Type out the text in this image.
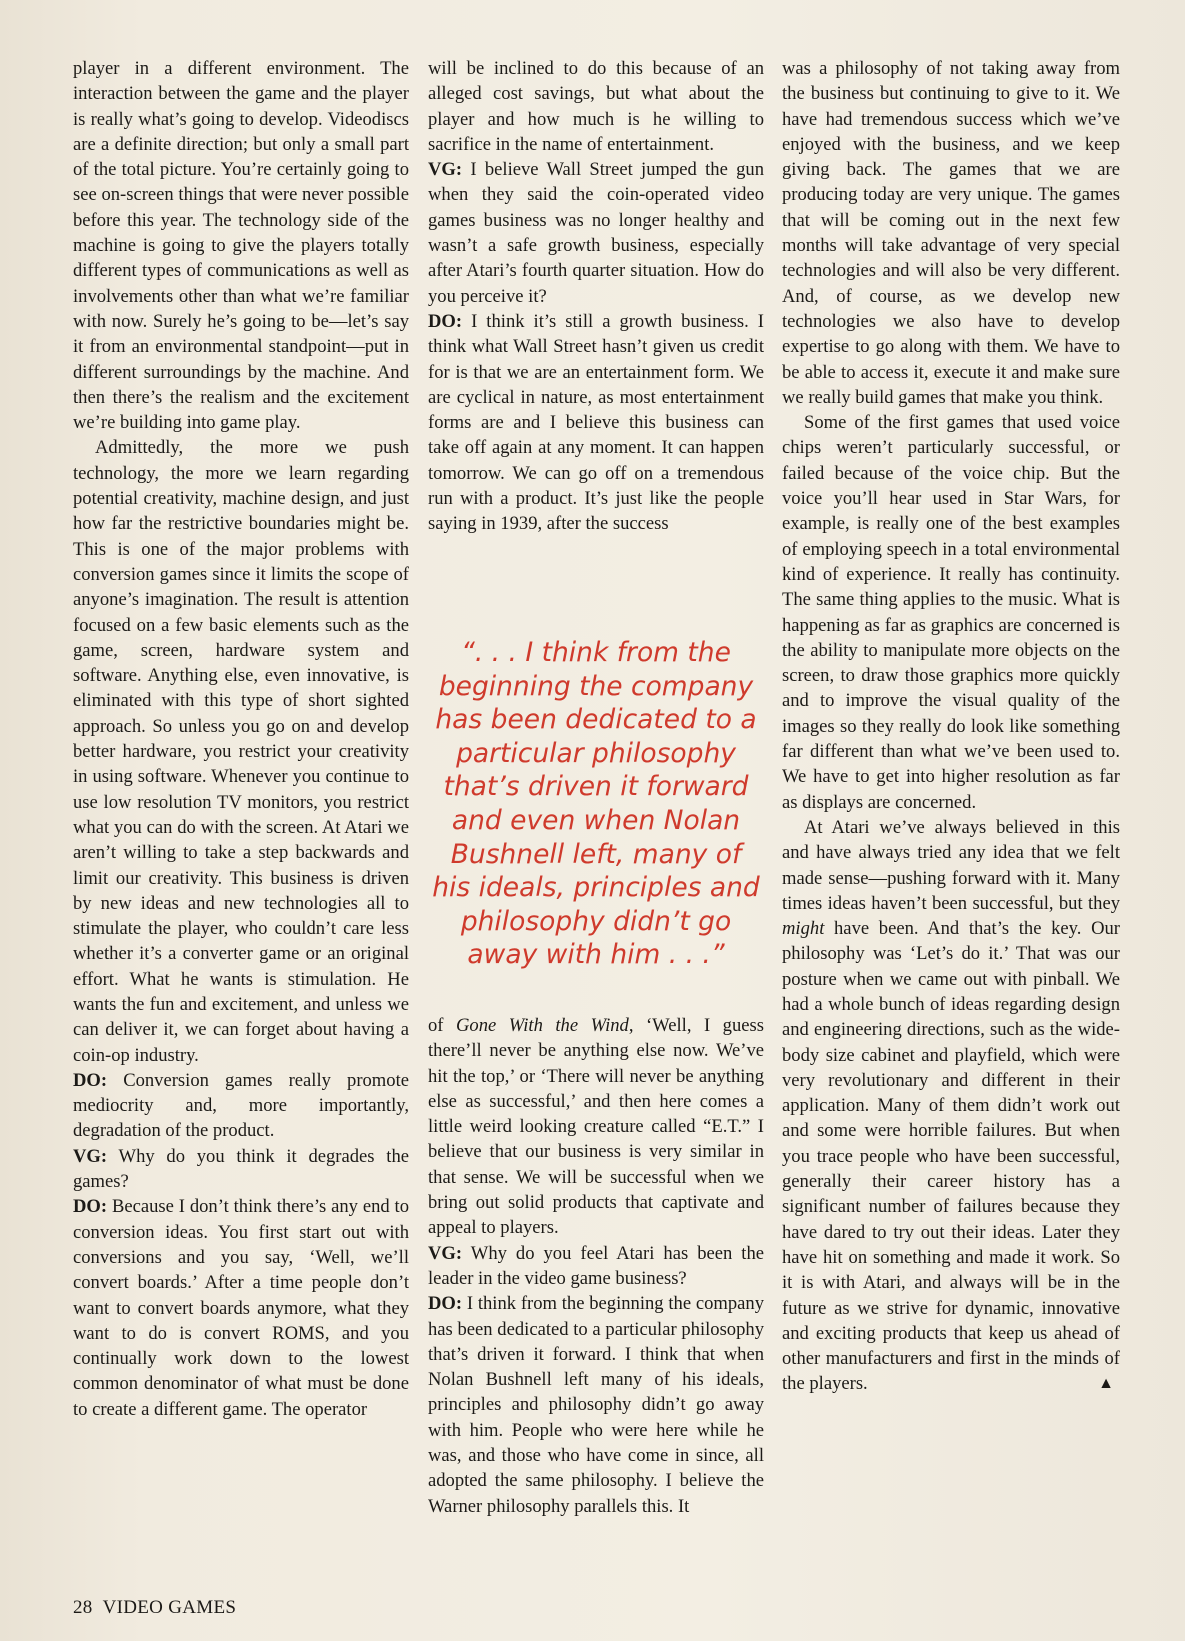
player in a different environment. The interaction between the game and the player is really what’s going to develop. Videodiscs are a definite direction; but only a small part of the total picture. You’re certainly going to see on-screen things that were never possible before this year. The technology side of the machine is going to give the players totally different types of communications as well as involvements other than what we’re familiar with now. Surely he’s going to be—let’s say it from an environmental standpoint—put in different surroundings by the machine. And then there’s the realism and the excitement we’re building into game play.

Admittedly, the more we push technology, the more we learn regarding potential creativity, machine design, and just how far the restrictive boundaries might be. This is one of the major problems with conversion games since it limits the scope of anyone’s imagination. The result is attention focused on a few basic elements such as the game, screen, hardware system and software. Anything else, even innovative, is eliminated with this type of short sighted approach. So unless you go on and develop better hardware, you restrict your creativity in using software. Whenever you continue to use low resolution TV monitors, you restrict what you can do with the screen. At Atari we aren’t willing to take a step backwards and limit our creativity. This business is driven by new ideas and new technologies all to stimulate the player, who couldn’t care less whether it’s a converter game or an original effort. What he wants is stimulation. He wants the fun and excitement, and unless we can deliver it, we can forget about having a coin-op industry.

DO: Conversion games really promote mediocrity and, more importantly, degradation of the product.

VG: Why do you think it degrades the games?

DO: Because I don’t think there’s any end to conversion ideas. You first start out with conversions and you say, ‘Well, we’ll convert boards.’ After a time people don’t want to convert boards anymore, what they want to do is convert ROMS, and you continually work down to the lowest common denominator of what must be done to create a different game. The operator

will be inclined to do this because of an alleged cost savings, but what about the player and how much is he willing to sacrifice in the name of entertainment.

VG: I believe Wall Street jumped the gun when they said the coin-operated video games business was no longer healthy and wasn’t a safe growth business, especially after Atari’s fourth quarter situation. How do you perceive it?

DO: I think it’s still a growth business. I think what Wall Street hasn’t given us credit for is that we are an entertainment form. We are cyclical in nature, as most entertainment forms are and I believe this business can take off again at any moment. It can happen tomorrow. We can go off on a tremendous run with a product. It’s just like the people saying in 1939, after the success

“. . . I think from the beginning the company has been dedicated to a particular philosophy that’s driven it forward and even when Nolan Bushnell left, many of his ideals, principles and philosophy didn’t go away with him . . .”

of Gone With the Wind, ‘Well, I guess there’ll never be anything else now. We’ve hit the top,’ or ‘There will never be anything else as successful,’ and then here comes a little weird looking creature called “E.T.” I believe that our business is very similar in that sense. We will be successful when we bring out solid products that captivate and appeal to players.

VG: Why do you feel Atari has been the leader in the video game business?

DO: I think from the beginning the company has been dedicated to a particular philosophy that’s driven it forward. I think that when Nolan Bushnell left many of his ideals, principles and philosophy didn’t go away with him. People who were here while he was, and those who have come in since, all adopted the same philosophy. I believe the Warner philosophy parallels this. It

was a philosophy of not taking away from the business but continuing to give to it. We have had tremendous success which we’ve enjoyed with the business, and we keep giving back. The games that we are producing today are very unique. The games that will be coming out in the next few months will take advantage of very special technologies and will also be very different. And, of course, as we develop new technologies we also have to develop expertise to go along with them. We have to be able to access it, execute it and make sure we really build games that make you think.

Some of the first games that used voice chips weren’t particularly successful, or failed because of the voice chip. But the voice you’ll hear used in Star Wars, for example, is really one of the best examples of employing speech in a total environmental kind of experience. It really has continuity. The same thing applies to the music. What is happening as far as graphics are concerned is the ability to manipulate more objects on the screen, to draw those graphics more quickly and to improve the visual quality of the images so they really do look like something far different than what we’ve been used to. We have to get into higher resolution as far as displays are concerned.

At Atari we’ve always believed in this and have always tried any idea that we felt made sense—pushing forward with it. Many times ideas haven’t been successful, but they might have been. And that’s the key. Our philosophy was ‘Let’s do it.’ That was our posture when we came out with pinball. We had a whole bunch of ideas regarding design and engineering directions, such as the wide-body size cabinet and playfield, which were very revolutionary and different in their application. Many of them didn’t work out and some were horrible failures. But when you trace people who have been successful, generally their career history has a significant number of failures because they have dared to try out their ideas. Later they have hit on something and made it work. So it is with Atari, and always will be in the future as we strive for dynamic, innovative and exciting products that keep us ahead of other manufacturers and first in the minds of the players.	▲

28 VIDEO GAMES
